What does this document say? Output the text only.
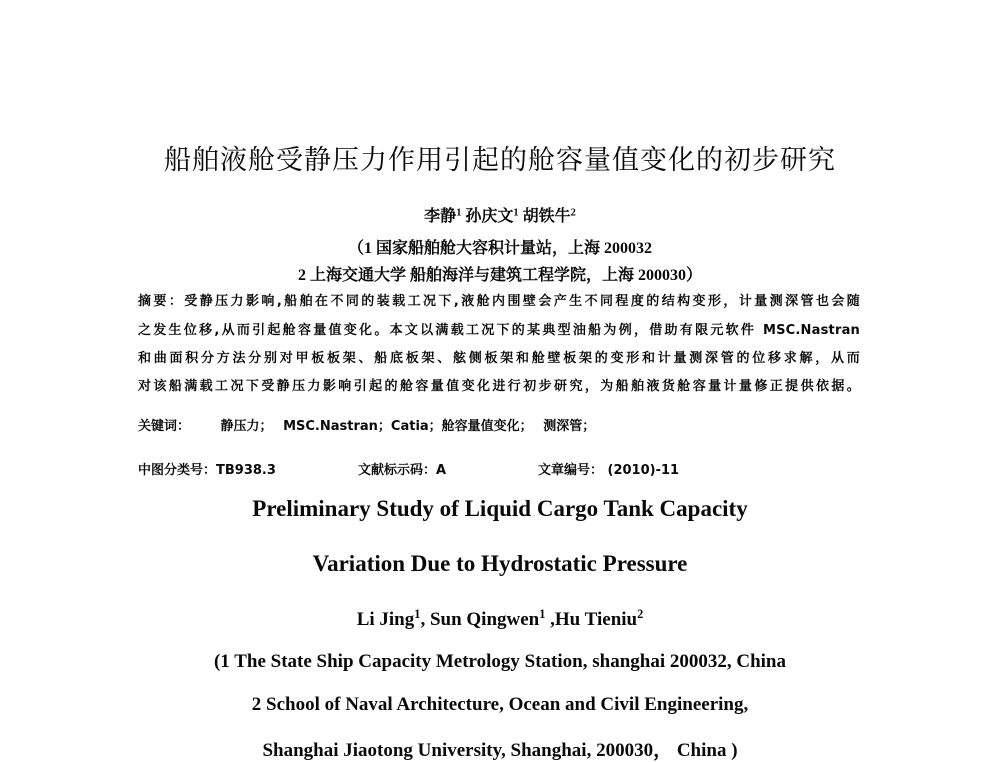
船舶液舱受静压力作用引起的舱容量值变化的初步研究
李静$^1$ 孙庆文$^1$ 胡铁牛$^2$
（1 国家船舶舱大容积计量站，上海 200032
2 上海交通大学 船舶海洋与建筑工程学院，上海 200030）
摘要：受静压力影响,船舶在不同的装载工况下,液舱内围壁会产生不同程度的结构变形，计量测深管也会随
之发生位移,从而引起舱容量值变化。本文以满载工况下的某典型油船为例，借助有限元软件 MSC.Nastran
和曲面积分方法分别对甲板板架、船底板架、舷侧板架和舱壁板架的变形和计量测深管的位移求解，从而
对该船满载工况下受静压力影响引起的舱容量值变化进行初步研究，为船舶液货舱容量计量修正提供依据。
关键词： 静压力； MSC.Nastran；Catia；舱容量值变化； 测深管；
中图分类号：TB938.3	文献标示码：A	文章编号： (2010)-11
Preliminary Study of Liquid Cargo Tank Capacity
Variation Due to Hydrostatic Pressure
Li Jing$^1$, Sun Qingwen$^1$ ,Hu Tieniu$^2$
(1 The State Ship Capacity Metrology Station, shanghai 200032, China
2 School of Naval Architecture, Ocean and Civil Engineering,
Shanghai Jiaotong University, Shanghai, 200030， China )
